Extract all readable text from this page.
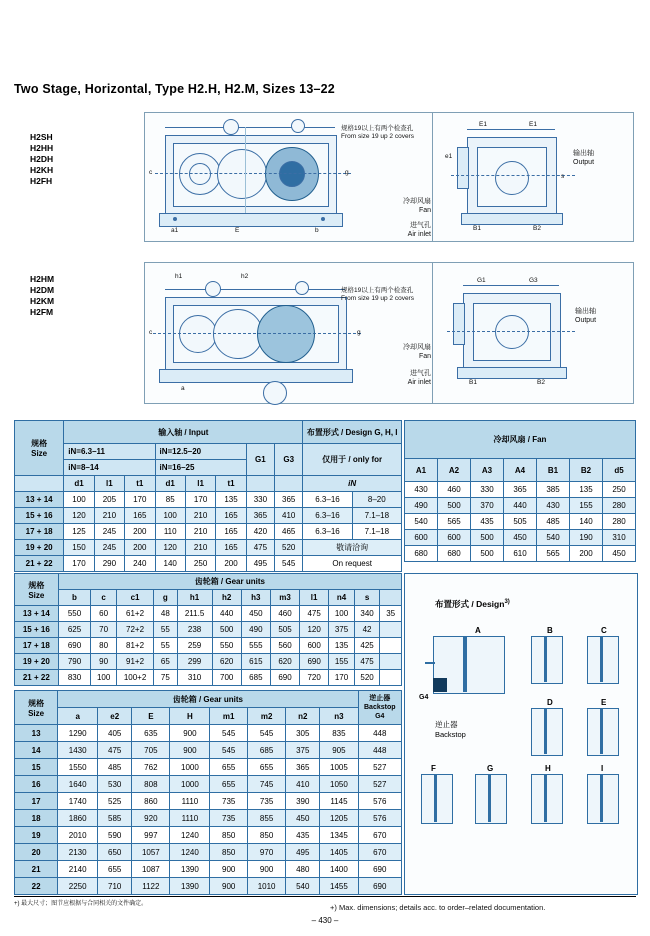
Two Stage, Horizontal, Type H2.H, H2.M, Sizes 13–22
H2SH
H2HH
H2DH
H2KH
H2FH
H2HM
H2DM
H2KM
H2FM
规格19以上有两个检查孔
From size 19 up 2 covers
a1	E	b
c	g
E1	E1
e1
s
B1	B2
输出轴
Output
冷却风扇
Fan
进气孔
Air inlet
规格19以上有两个检查孔
From size 19 up 2 covers
h1	h2
c	g
a
G1	G3
B1	B2
输出轴
Output
冷却风扇
Fan
进气孔
Air inlet
规格
Size	输入轴 / Input								布置形式 / Design G, H, I	

	iN=6.3–11			iN=12.5–20			G1	G3	仅用于 / only for	
	iN=8–14			iN=16–25						
	d1	l1	t1	d1	l1	t1			iN	
13 + 14	100	205	170	85	170	135	330	365	6.3–16	8–20
15 + 16	120	210	165	100	210	165	365	410	6.3–16	7.1–18
17 + 18	125	245	200	110	210	165	420	465	6.3–16	7.1–18
19 + 20	150	245	200	120	210	165	475	520	敬请洽询	
21 + 22	170	290	240	140	250	200	495	545	On request	
冷却风扇 / Fan						
A1	A2	A3	A4	B1	B2	d5
430	460	330	365	385	135	250
490	500	370	440	430	155	280
540	565	435	505	485	140	280
600	600	500	450	540	190	310
680	680	500	610	565	200	450
规格
Size	齿轮箱 / Gear units											
	b	c	c1	g	h1	h2	h3	m3	l1	n4	s	
13 + 14	550	60	61+2	48	211.5	440	450	460	475	100	340	35
15 + 16	625	70	72+2	55	238	500	490	505	120	375	42	
17 + 18	690	80	81+2	55	259	550	555	560	600	135	425	
19 + 20	790	90	91+2	65	299	620	615	620	690	155	475	
21 + 22	830	100	100+2	75	310	700	685	690	720	170	520	
规格
Size
	齿轮箱 / Gear units	逆止器
Backstop
G4

	a	e2	E	H	m1	m2	n2	n3	
13	1290	405	635	900	545	545	305	835	448
14	1430	475	705	900	545	685	375	905	448
15	1550	485	762	1000	655	655	365	1005	527
16	1640	530	808	1000	655	745	410	1050	527
17	1740	525	860	1110	735	735	390	1145	576
18	1860	585	920	1110	735	855	450	1205	576
19	2010	590	997	1240	850	850	435	1345	670
20	2130	650	1057	1240	850	970	495	1405	670
21	2140	655	1087	1390	900	900	480	1400	690
22	2250	710	1122	1390	900	1010	540	1455	690
布置形式 / Design$^{3)}$
A	B	C
D	E
逆止器
Backstop
G4
F	G	H	I
+) 最大尺寸；图节应根据与合同相关的文件确定。	+) Max. dimensions; details acc. to order–related documentation.
– 430 –
